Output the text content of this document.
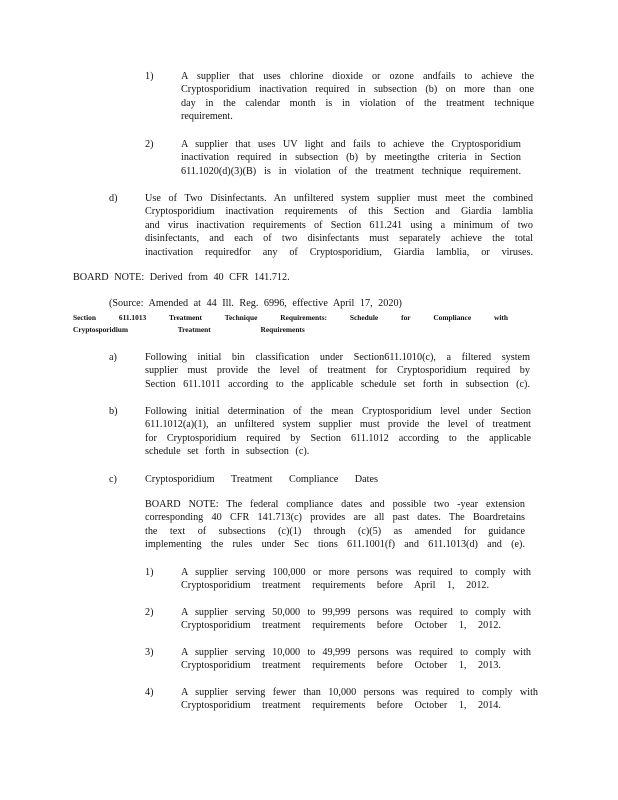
1)	A supplier that uses chlorine dioxide or ozone andfails to achieve the
Cryptosporidium inactivation required in subsection (b) on more than one
day in the calendar month is in violation of the treatment technique
requirement.
2)	A supplier that uses UV light and fails to achieve the Cryptosporidium
inactivation required in subsection (b) by meetingthe criteria in Section
611.1020(d)(3)(B) is in violation of the treatment technique requirement.
d)	Use of Two Disinfectants. An unfiltered system supplier must meet the combined
Cryptosporidium inactivation requirements of this Section and Giardia lamblia
and virus inactivation requirements of Section 611.241 using a minimum of two
disinfectants, and each of two disinfectants must separately achieve the total
inactivation requiredfor any of Cryptosporidium, Giardia lamblia, or viruses.
BOARD NOTE: Derived from 40 CFR 141.712.
(Source: Amended at 44 Ill. Reg. 6996, effective April 17, 2020)
Section 611.1013 Treatment Technique Requirements: Schedule for Compliance with
Cryptosporidium Treatment Requirements
a)	Following initial bin classification under Section611.1010(c), a filtered system
supplier must provide the level of treatment for Cryptosporidium required by
Section 611.1011 according to the applicable schedule set forth in subsection (c).
b)	Following initial determination of the mean Cryptosporidium level under Section
611.1012(a)(1), an unfiltered system supplier must provide the level of treatment
for Cryptosporidium required by Section 611.1012 according to the applicable
schedule set forth in subsection (c).
c)	Cryptosporidium Treatment Compliance Dates
BOARD NOTE: The federal compliance dates and possible two -year extension
corresponding 40 CFR 141.713(c) provides are all past dates. The Boardretains
the text of subsections (c)(1) through (c)(5) as amended for guidance
implementing the rules under Sec tions 611.1001(f) and 611.1013(d) and (e).
1)	A supplier serving 100,000 or more persons was required to comply with
Cryptosporidium treatment requirements before April 1, 2012.
2)	A supplier serving 50,000 to 99,999 persons was required to comply with
Cryptosporidium treatment requirements before October 1, 2012.
3)	A supplier serving 10,000 to 49,999 persons was required to comply with
Cryptosporidium treatment requirements before October 1, 2013.
4)	A supplier serving fewer than 10,000 persons was required to comply with
Cryptosporidium treatment requirements before October 1, 2014.
